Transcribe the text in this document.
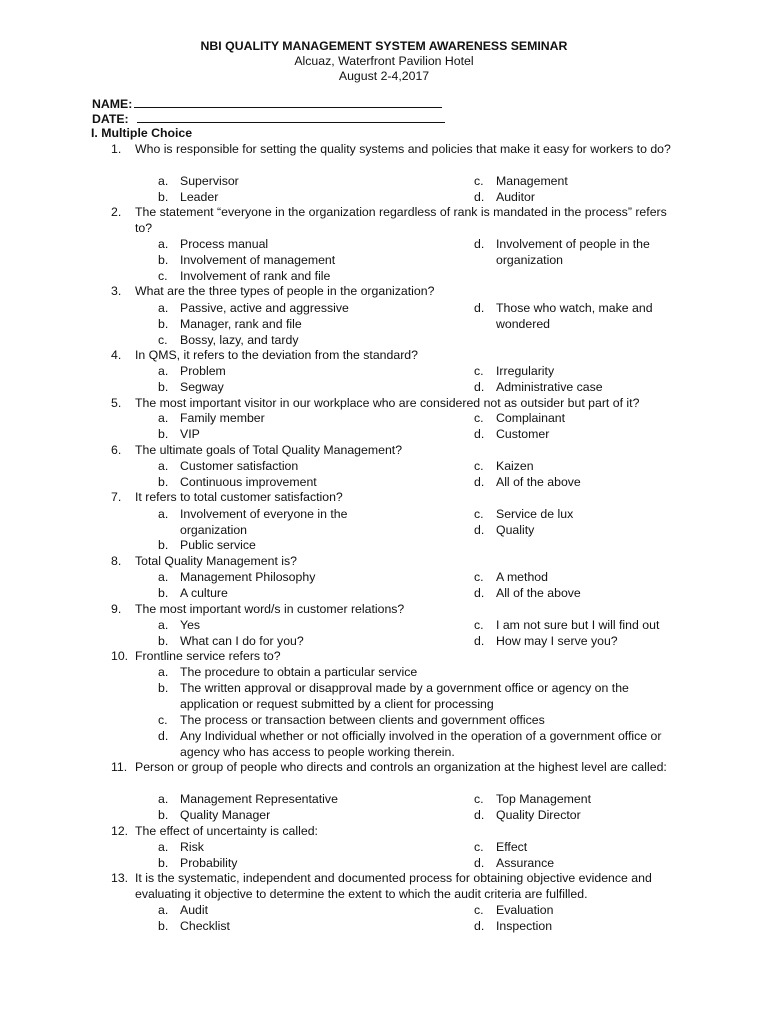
NBI QUALITY MANAGEMENT SYSTEM AWARENESS SEMINAR
Alcuaz, Waterfront Pavilion Hotel
August 2-4,2017
NAME:
DATE:
I. Multiple Choice
1. Who is responsible for setting the quality systems and policies that make it easy for workers to do?
a. Supervisor
b. Leader
c. Management
d. Auditor
2. The statement “everyone in the organization regardless of rank is mandated in the process” refers to?
a. Process manual
b. Involvement of management
c. Involvement of rank and file
d. Involvement of people in the organization
3. What are the three types of people in the organization?
a. Passive, active and aggressive
b. Manager, rank and file
c. Bossy, lazy, and tardy
d. Those who watch, make and wondered
4. In QMS, it refers to the deviation from the standard?
a. Problem
b. Segway
c. Irregularity
d. Administrative case
5. The most important visitor in our workplace who are considered not as outsider but part of it?
a. Family member
b. VIP
c. Complainant
d. Customer
6. The ultimate goals of Total Quality Management?
a. Customer satisfaction
b. Continuous improvement
c. Kaizen
d. All of the above
7. It refers to total customer satisfaction?
a. Involvement of everyone in the organization
b. Public service
c. Service de lux
d. Quality
8. Total Quality Management is?
a. Management Philosophy
b. A culture
c. A method
d. All of the above
9. The most important word/s in customer relations?
a. Yes
b. What can I do for you?
c. I am not sure but I will find out
d. How may I serve you?
10. Frontline service refers to?
a. The procedure to obtain a particular service
b. The written approval or disapproval made by a government office or agency on the application or request submitted by a client for processing
c. The process or transaction between clients and government offices
d. Any Individual whether or not officially involved in the operation of a government office or agency who has access to people working therein.
11. Person or group of people who directs and controls an organization at the highest level are called:
a. Management Representative
b. Quality Manager
c. Top Management
d. Quality Director
12. The effect of uncertainty is called:
a. Risk
b. Probability
c. Effect
d. Assurance
13. It is the systematic, independent and documented process for obtaining objective evidence and evaluating it objective to determine the extent to which the audit criteria are fulfilled.
a. Audit
b. Checklist
c. Evaluation
d. Inspection
